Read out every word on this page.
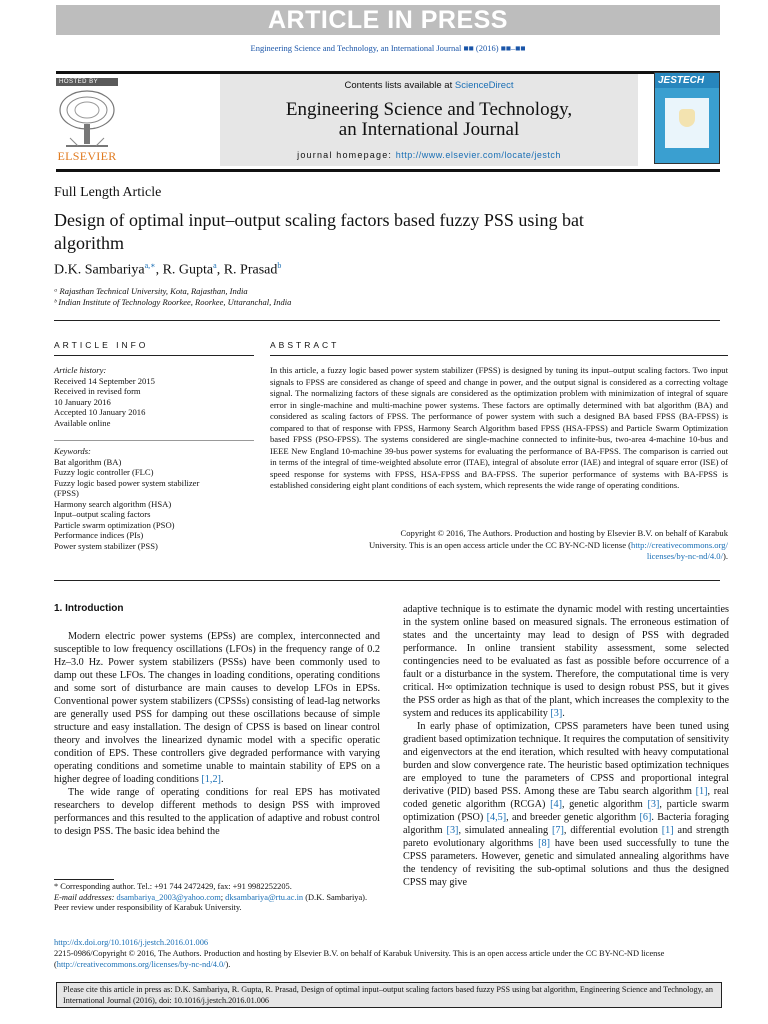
ARTICLE IN PRESS
Engineering Science and Technology, an International Journal ■■ (2016) ■■–■■
HOSTED BY
ELSEVIER
Contents lists available at ScienceDirect
Engineering Science and Technology,
an International Journal
journal homepage: http://www.elsevier.com/locate/jestch
JESTECH
Full Length Article
Design of optimal input–output scaling factors based fuzzy PSS using bat algorithm
D.K. Sambariya$^{a,∗}$, R. Gupta$^a$, R. Prasad$^b$
ᵃ Rajasthan Technical University, Kota, Rajasthan, India
ᵇ Indian Institute of Technology Roorkee, Roorkee, Uttaranchal, India
ARTICLE INFO
Article history:
Received 14 September 2015
Received in revised form
10 January 2016
Accepted 10 January 2016
Available online
Keywords:
Bat algorithm (BA)
Fuzzy logic controller (FLC)
Fuzzy logic based power system stabilizer
(FPSS)
Harmony search algorithm (HSA)
Input–output scaling factors
Particle swarm optimization (PSO)
Performance indices (PIs)
Power system stabilizer (PSS)
ABSTRACT
In this article, a fuzzy logic based power system stabilizer (FPSS) is designed by tuning its input–output scaling factors. Two input signals to FPSS are considered as change of speed and change in power, and the output signal is considered as a correcting voltage signal. The normalizing factors of these signals are considered as the optimization problem with minimization of integral of square error in single-machine and multi-machine power systems. These factors are optimally determined with bat algorithm (BA) and considered as scaling factors of FPSS. The performance of power system with such a designed BA based FPSS (BA-FPSS) is compared to that of response with FPSS, Harmony Search Algorithm based FPSS (HSA-FPSS) and Particle Swarm Optimization based FPSS (PSO-FPSS). The systems considered are single-machine connected to infinite-bus, two-area 4-machine 10-bus and IEEE New England 10-machine 39-bus power systems for evaluating the performance of BA-FPSS. The comparison is carried out in terms of the integral of time-weighted absolute error (ITAE), integral of absolute error (IAE) and integral of square error (ISE) of speed response for systems with FPSS, HSA-FPSS and BA-FPSS. The superior performance of systems with BA-FPSS is established considering eight plant conditions of each system, which represents the wide range of operating conditions.
Copyright © 2016, The Authors. Production and hosting by Elsevier B.V. on behalf of Karabuk
University. This is an open access article under the CC BY-NC-ND license (http://creativecommons.org/
licenses/by-nc-nd/4.0/).
1. Introduction

Modern electric power systems (EPSs) are complex, interconnected and susceptible to low frequency oscillations (LFOs) in the frequency range of 0.2 Hz–3.0 Hz. Power system stabilizers (PSSs) have been commonly used to damp out these LFOs. The changes in loading conditions, operating conditions and some sort of disturbance are main causes to develop LFOs in EPSs. Conventional power system stabilizers (CPSSs) consisting of lead-lag networks are generally used PSS for damping out these oscillations because of simple structure and easy installation. The design of CPSS is based on linear control theory and involves the linearized dynamic model with a specific operatic condition of EPS. These controllers give degraded performance with varying operating conditions and sometime unable to maintain stability of EPS on a higher degree of loading conditions [1,2].

The wide range of operating conditions for real EPS has motivated researchers to develop different methods to design PSS with improved performances and this resulted to the application of adaptive and robust control to design PSS. The basic idea behind the

adaptive technique is to estimate the dynamic model with resting uncertainties in the system online based on measured signals. The erroneous estimation of states and the uncertainty may lead to design of PSS with degraded performance. In online transient stability assessment, some selected contingencies need to be evaluated as fast as possible before occurrence of a fault or a disturbance in the system. Therefore, the computational time is very critical. H∞ optimization technique is used to design robust PSS, but it gives the PSS order as high as that of the plant, which increases the complexity to the system and reduces its applicability [3].

In early phase of optimization, CPSS parameters have been tuned using gradient based optimization technique. It requires the computation of sensitivity and eigenvectors at the end iteration, which resulted with heavy computational burden and slow convergence rate. The heuristic based optimization techniques are employed to tune the parameters of CPSS and proportional integral derivative (PID) based PSS. Among these are Tabu search algorithm [1], real coded genetic algorithm (RCGA) [4], genetic algorithm [3], particle swarm optimization (PSO) [4,5], and breeder genetic algorithm [6]. Bacteria foraging algorithm [3], simulated annealing [7], differential evolution [1] and strength pareto evolutionary algorithms [8] have been used successfully to tune the CPSS parameters. However, genetic and simulated annealing algorithms have the tendency of revisiting the sub-optimal solutions and thus the designed CPSS may give

* Corresponding author. Tel.: +91 744 2472429, fax: +91 9982252205.
E-mail addresses: dsambariya_2003@yahoo.com; dksambariya@rtu.ac.in (D.K. Sambariya).
Peer review under responsibility of Karabuk University.
http://dx.doi.org/10.1016/j.jestch.2016.01.006
2215-0986/Copyright © 2016, The Authors. Production and hosting by Elsevier B.V. on behalf of Karabuk University. This is an open access article under the CC BY-NC-ND license (http://creativecommons.org/licenses/by-nc-nd/4.0/).
Please cite this article in press as: D.K. Sambariya, R. Gupta, R. Prasad, Design of optimal input–output scaling factors based fuzzy PSS using bat algorithm, Engineering Science and Technology, an International Journal (2016), doi: 10.1016/j.jestch.2016.01.006
